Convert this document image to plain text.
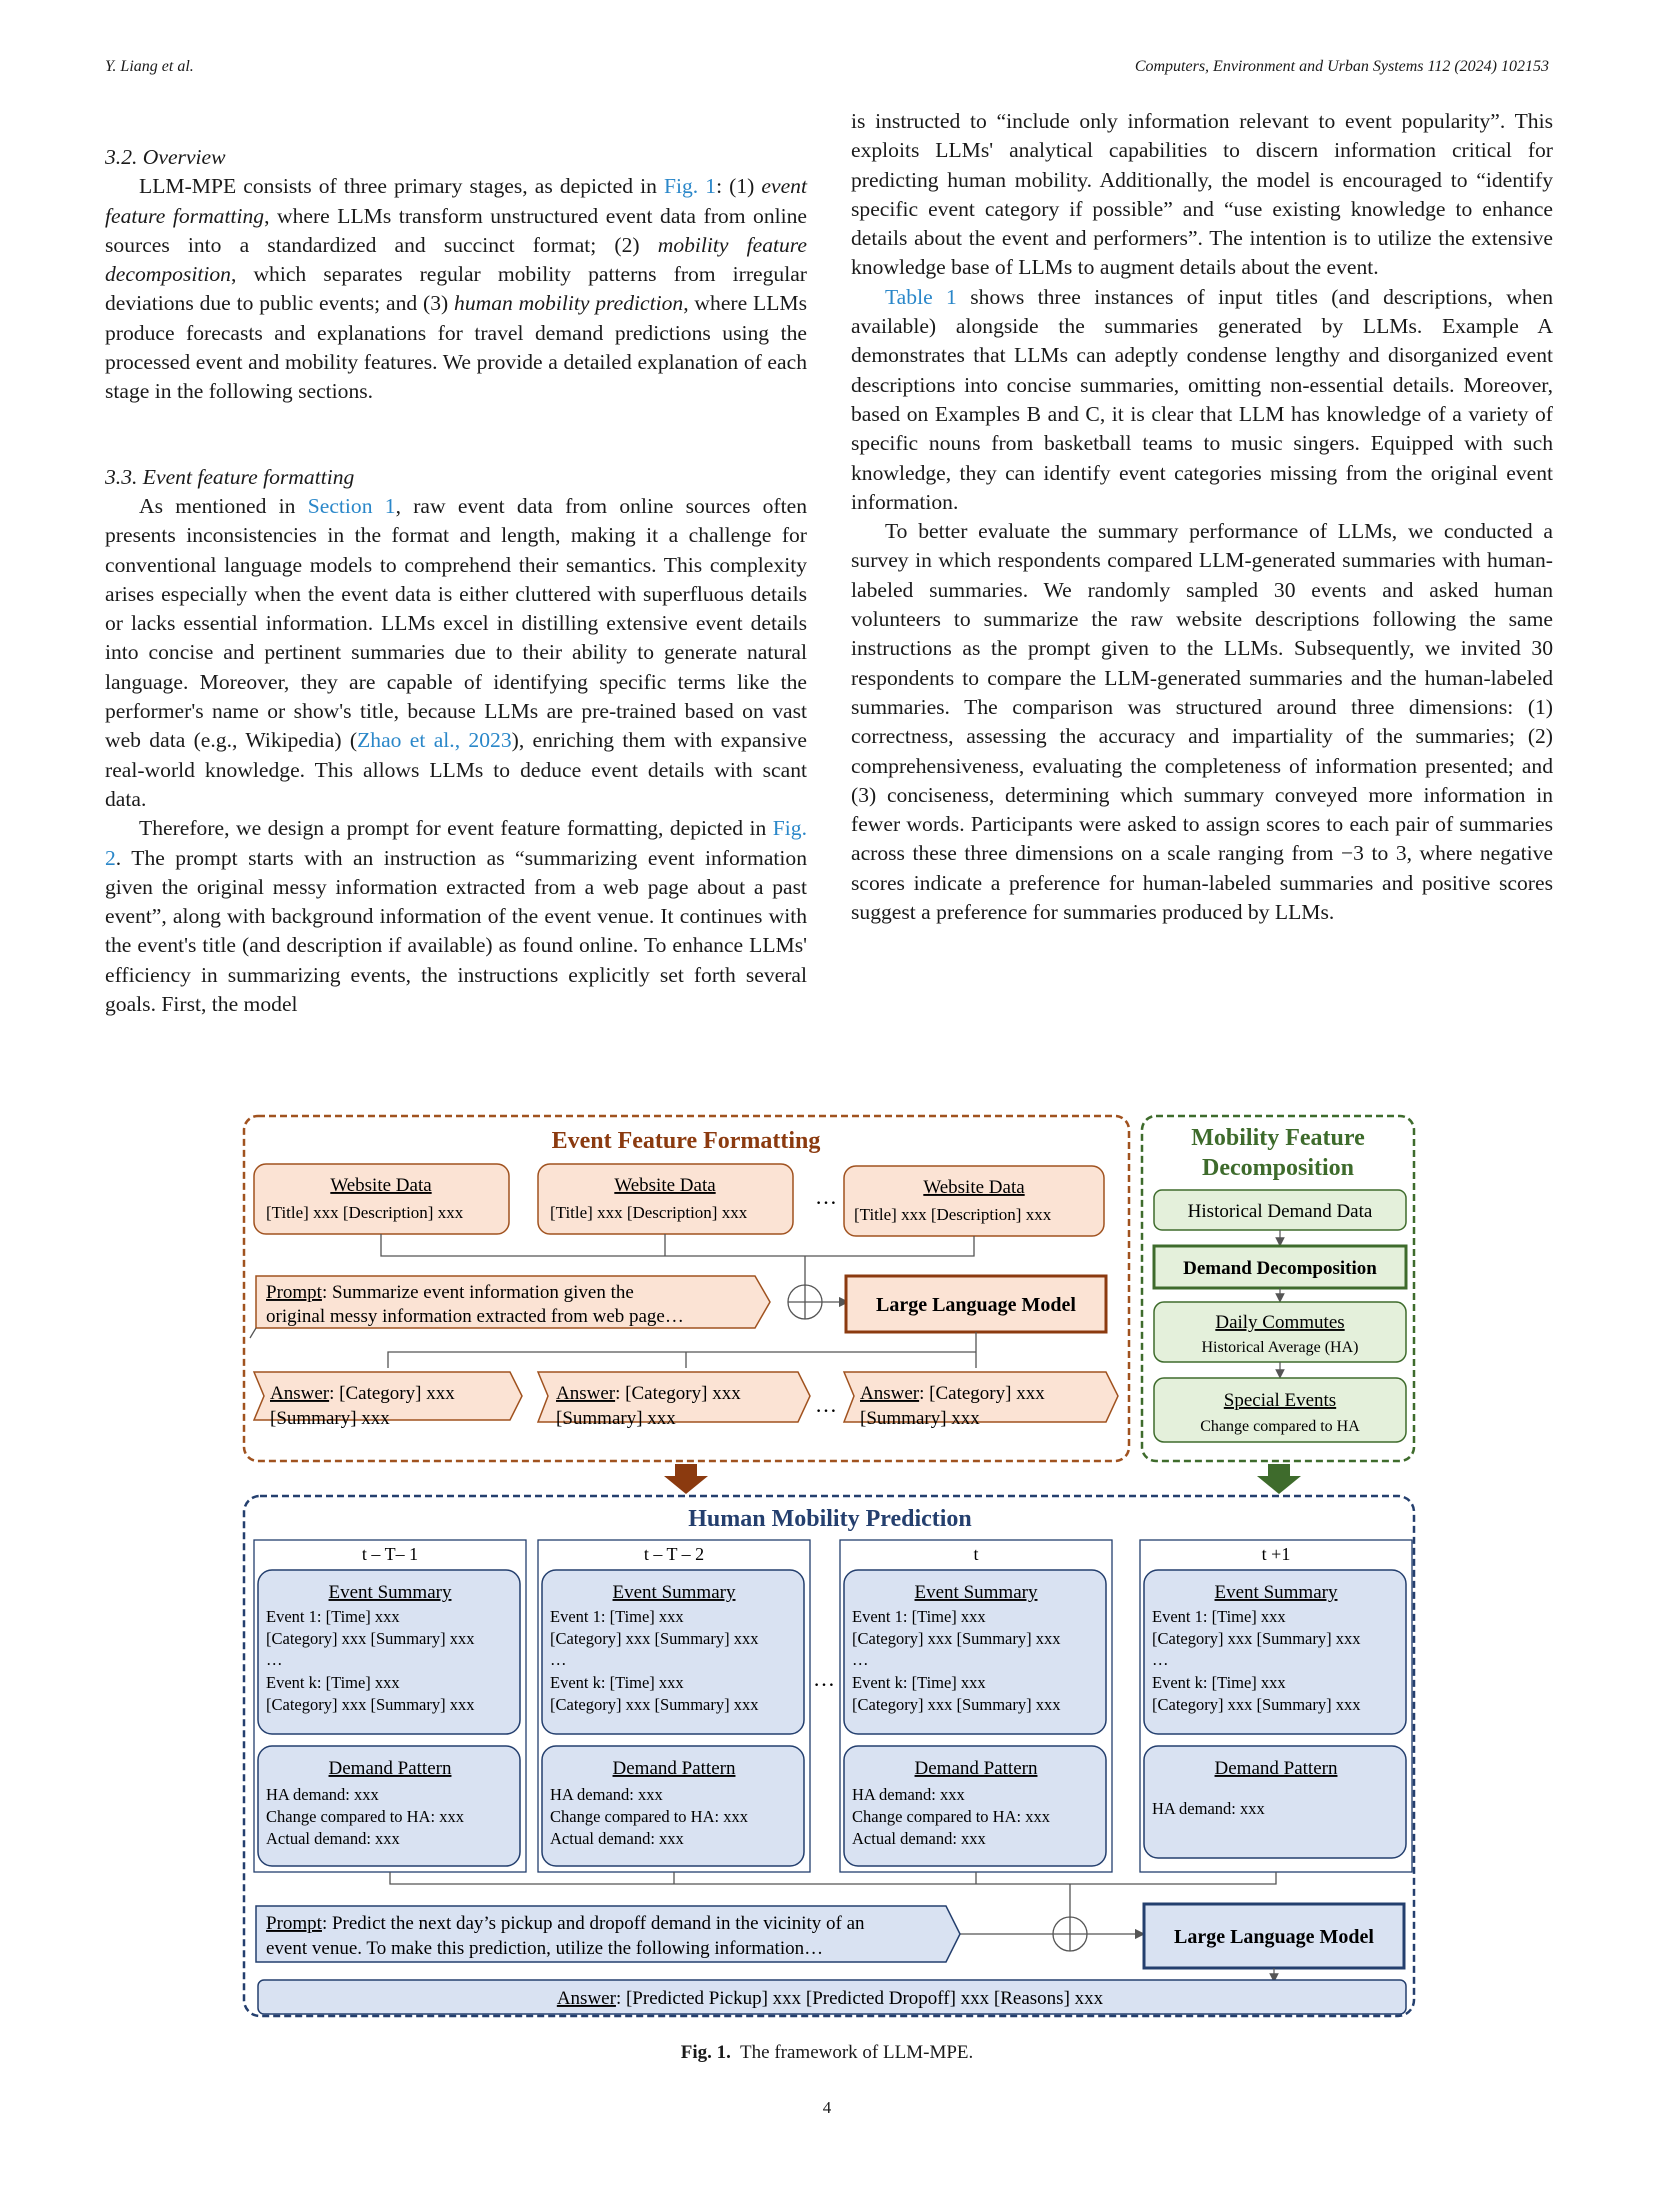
Y. Liang et al.	Computers, Environment and Urban Systems 112 (2024) 102153

3.2. Overview

LLM-MPE consists of three primary stages, as depicted in Fig. 1: (1) event feature formatting, where LLMs transform unstructured event data from online sources into a standardized and succinct format; (2) mobility feature decomposition, which separates regular mobility patterns from irregular deviations due to public events; and (3) human mobility prediction, where LLMs produce forecasts and explanations for travel demand predictions using the processed event and mobility features. We provide a detailed explanation of each stage in the following sections.

3.3. Event feature formatting

As mentioned in Section 1, raw event data from online sources often presents inconsistencies in the format and length, making it a challenge for conventional language models to comprehend their semantics. This complexity arises especially when the event data is either cluttered with superfluous details or lacks essential information. LLMs excel in distilling extensive event details into concise and pertinent summaries due to their ability to generate natural language. Moreover, they are capable of identifying specific terms like the performer's name or show's title, because LLMs are pre-trained based on vast web data (e.g., Wikipedia) (Zhao et al., 2023), enriching them with expansive real-world knowledge. This allows LLMs to deduce event details with scant data.

Therefore, we design a prompt for event feature formatting, depicted in Fig. 2. The prompt starts with an instruction as “summarizing event information given the original messy information extracted from a web page about a past event”, along with background information of the event venue. It continues with the event's title (and description if available) as found online. To enhance LLMs' efficiency in summarizing events, the instructions explicitly set forth several goals. First, the model

is instructed to “include only information relevant to event popularity”. This exploits LLMs' analytical capabilities to discern information critical for predicting human mobility. Additionally, the model is encouraged to “identify specific event category if possible” and “use existing knowledge to enhance details about the event and performers”. The intention is to utilize the extensive knowledge base of LLMs to augment details about the event.

Table 1 shows three instances of input titles (and descriptions, when available) alongside the summaries generated by LLMs. Example A demonstrates that LLMs can adeptly condense lengthy and disorganized event descriptions into concise summaries, omitting non-essential details. Moreover, based on Examples B and C, it is clear that LLM has knowledge of a variety of specific nouns from basketball teams to music singers. Equipped with such knowledge, they can identify event categories missing from the original event information.

To better evaluate the summary performance of LLMs, we conducted a survey in which respondents compared LLM-generated summaries with human-labeled summaries. We randomly sampled 30 events and asked human volunteers to summarize the raw website descriptions following the same instructions as the prompt given to the LLMs. Subsequently, we invited 30 respondents to compare the LLM-generated summaries and the human-labeled summaries. The comparison was structured around three dimensions: (1) correctness, assessing the accuracy and impartiality of the summaries; (2) comprehensiveness, evaluating the completeness of information presented; and (3) conciseness, determining which summary conveyed more information in fewer words. Participants were asked to assign scores to each pair of summaries across these three dimensions on a scale ranging from −3 to 3, where negative scores indicate a preference for human-labeled summaries and positive scores suggest a preference for summaries produced by LLMs.

Event Feature Formatting
Website Data
[Title] xxx [Description] xxx
Website Data
[Title] xxx [Description] xxx
…	Website Data
[Title] xxx [Description] xxx
Prompt: Summarize event information given the
original messy information extracted from web page…
Large Language Model
Answer: [Category] xxx
[Summary] xxx
Answer: [Category] xxx
[Summary] xxx
… Answer: [Category] xxx
[Summary] xxx
Mobility Feature
Decomposition
Historical Demand Data
Demand Decomposition
Daily Commutes
Historical Average (HA)
Special Events
Change compared to HA
Human Mobility Prediction
t – T– 1
Event Summary
Event 1: [Time] xxx
[Category] xxx [Summary] xxx
…
Event k: [Time] xxx
[Category] xxx [Summary] xxx
Demand Pattern
HA demand: xxx
Change compared to HA: xxx
Actual demand: xxx
t – T – 2
Event Summary
Event 1: [Time] xxx
[Category] xxx [Summary] xxx
…
Event k: [Time] xxx
[Category] xxx [Summary] xxx
Demand Pattern
HA demand: xxx
Change compared to HA: xxx
Actual demand: xxx
…
t
Event Summary
Event 1: [Time] xxx
[Category] xxx [Summary] xxx
…
Event k: [Time] xxx
[Category] xxx [Summary] xxx
Demand Pattern
HA demand: xxx
Change compared to HA: xxx
Actual demand: xxx
t +1
Event Summary
Event 1: [Time] xxx
[Category] xxx [Summary] xxx
…
Event k: [Time] xxx
[Category] xxx [Summary] xxx
Demand Pattern
HA demand: xxx
Prompt: Predict the next day’s pickup and dropoff demand in the vicinity of an
event venue. To make this prediction, utilize the following information…
Large Language Model
Answer: [Predicted Pickup] xxx [Predicted Dropoff] xxx [Reasons] xxx
Fig. 1. The framework of LLM-MPE.
4
